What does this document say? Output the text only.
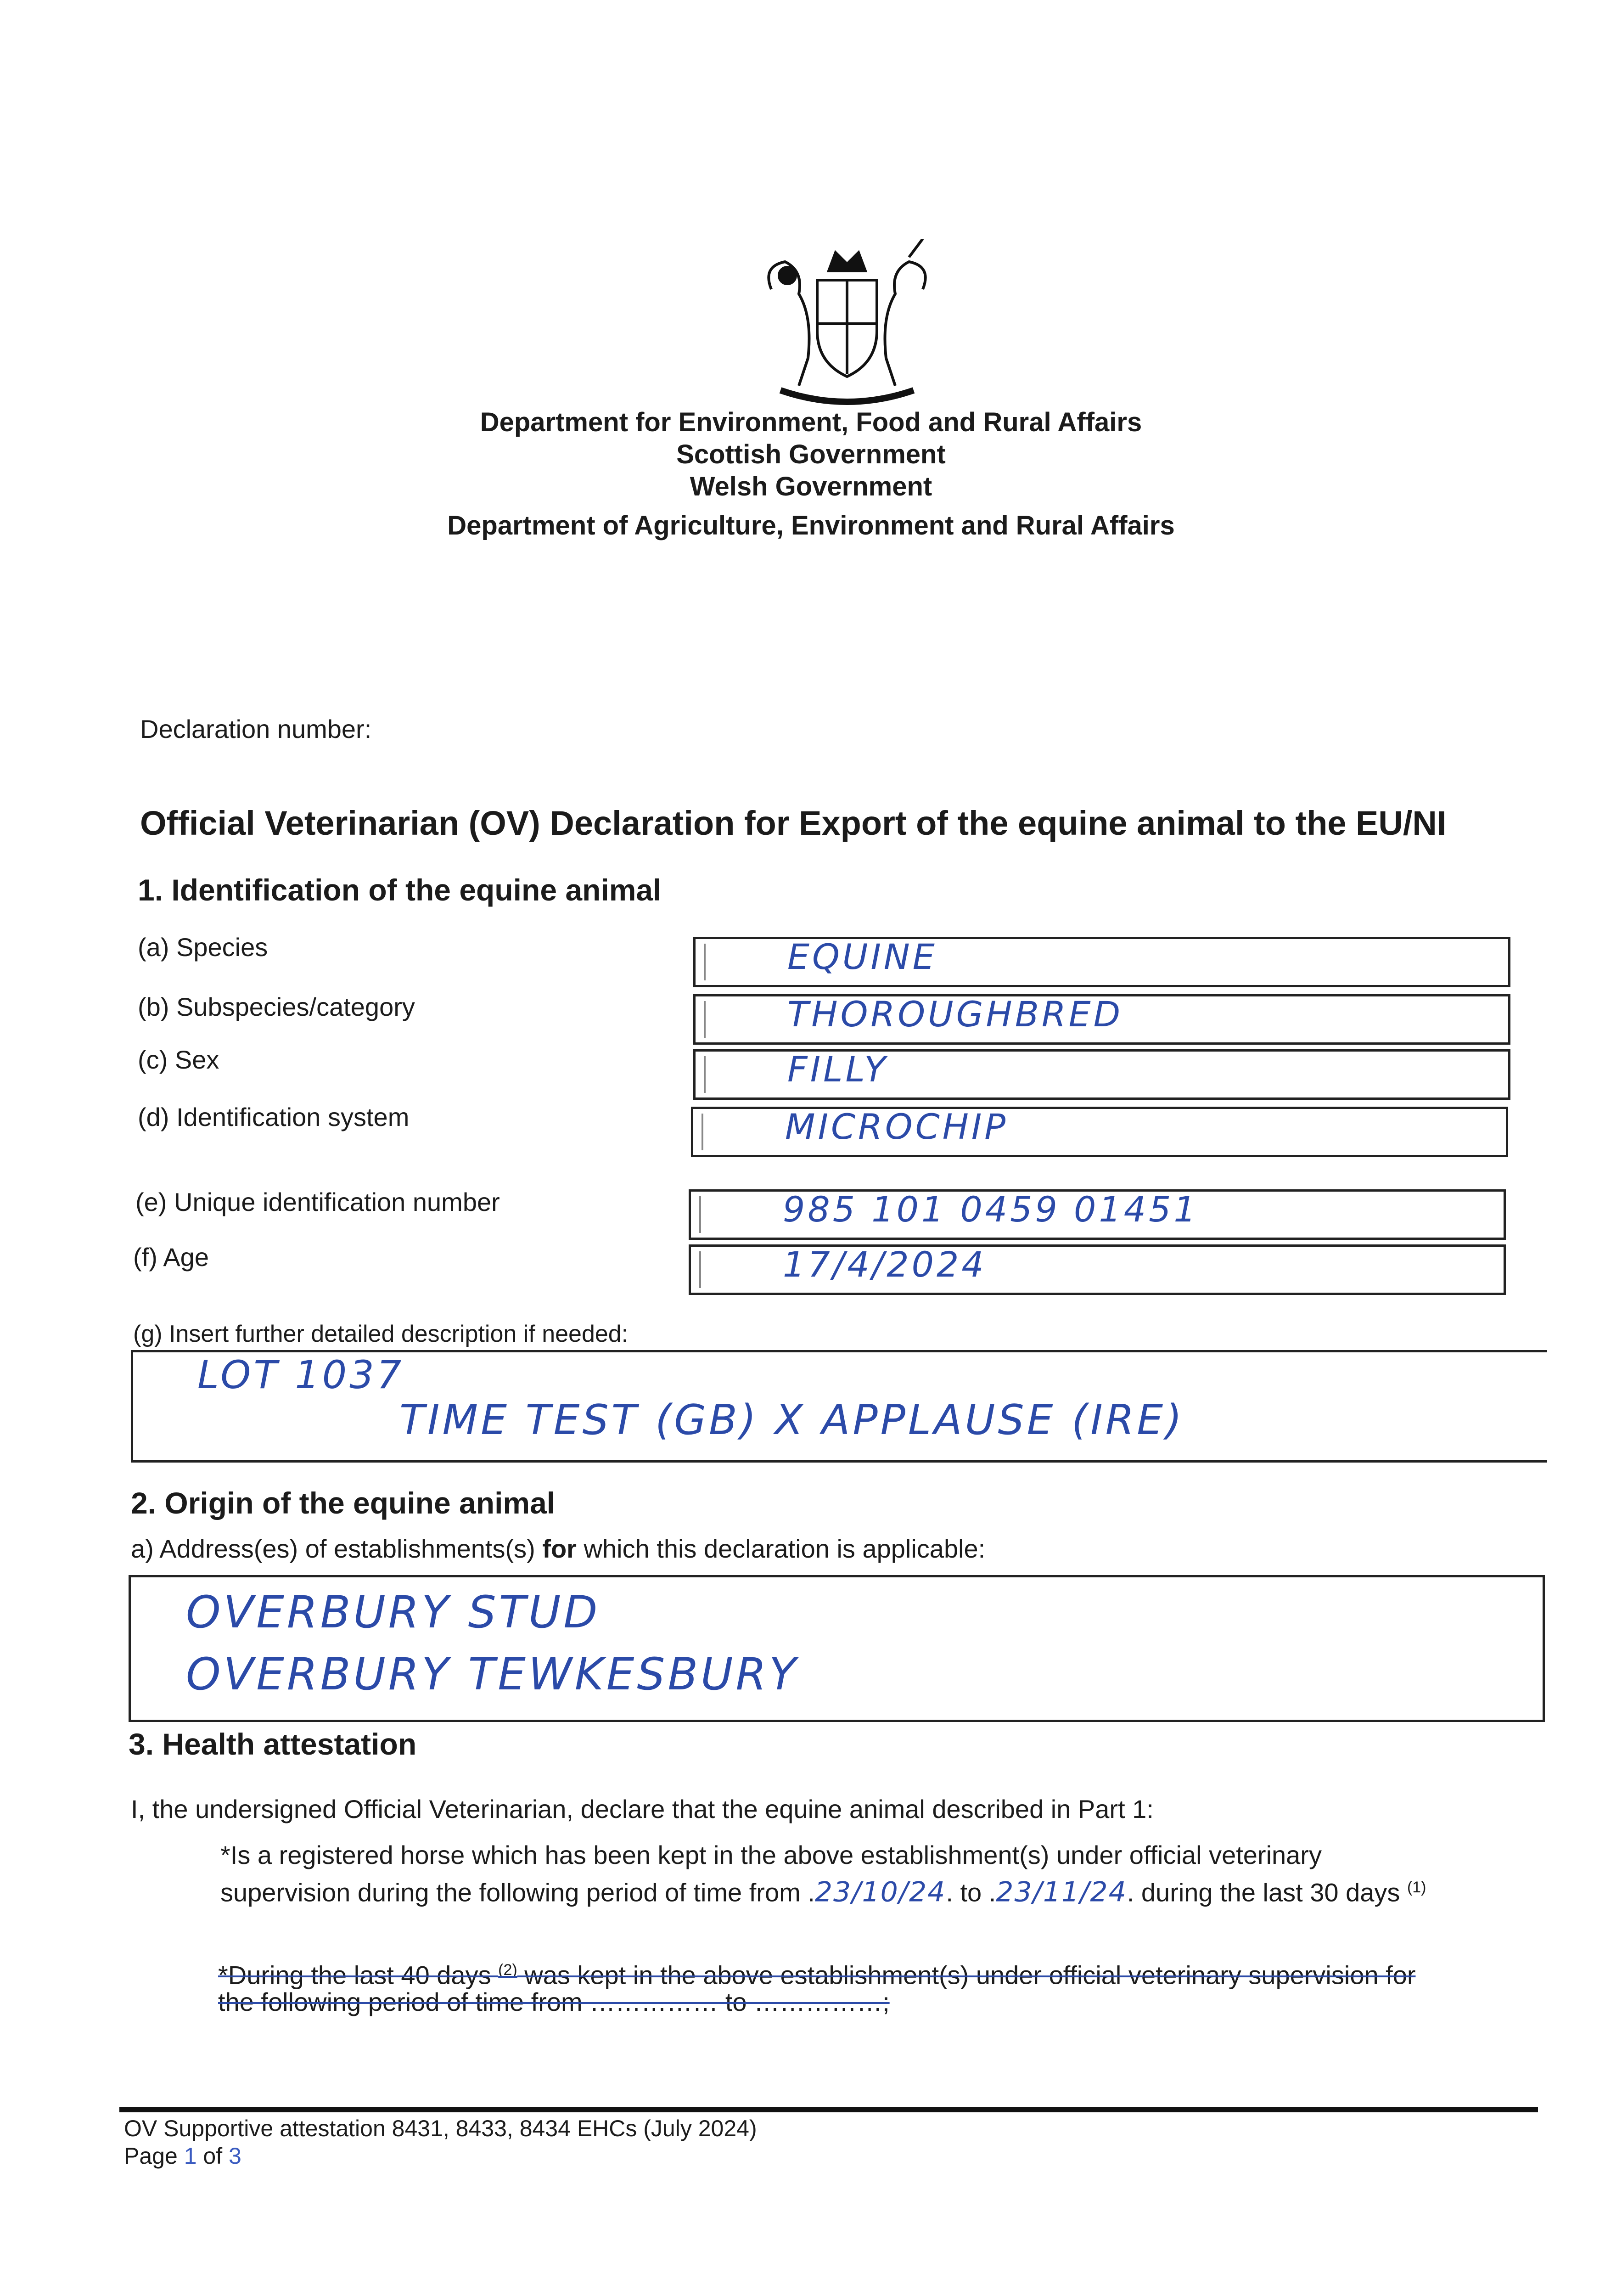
Department for Environment, Food and Rural Affairs
Scottish Government
Welsh Government
Department of Agriculture, Environment and Rural Affairs
Declaration number:
Official Veterinarian (OV) Declaration for Export of the equine animal to the EU/NI
1. Identification of the equine animal
(a) Species	EQUINE
(b) Subspecies/category	THOROUGHBRED
(c) Sex	FILLY
(d) Identification system	MICROCHIP
(e) Unique identification number	985 101 0459 01451
(f) Age	17/4/2024
(g) Insert further detailed description if needed:
LOT 1037
TIME TEST (GB) X APPLAUSE (IRE)
2. Origin of the equine animal
a) Address(es) of establishments(s) for which this declaration is applicable:
OVERBURY STUD
OVERBURY TEWKESBURY
3. Health attestation
I, the undersigned Official Veterinarian, declare that the equine animal described in Part 1:
*Is a registered horse which has been kept in the above establishment(s) under official veterinary
supervision during the following period of time from .23/10/24. to .23/11/24. during the last 30 days $^{(1)}$
*During the last 40 days $^{(2)}$ was kept in the above establishment(s) under official veterinary supervision for
the following period of time from …………… to ……………;
OV Supportive attestation 8431, 8433, 8434 EHCs (July 2024)
Page 1 of 3
